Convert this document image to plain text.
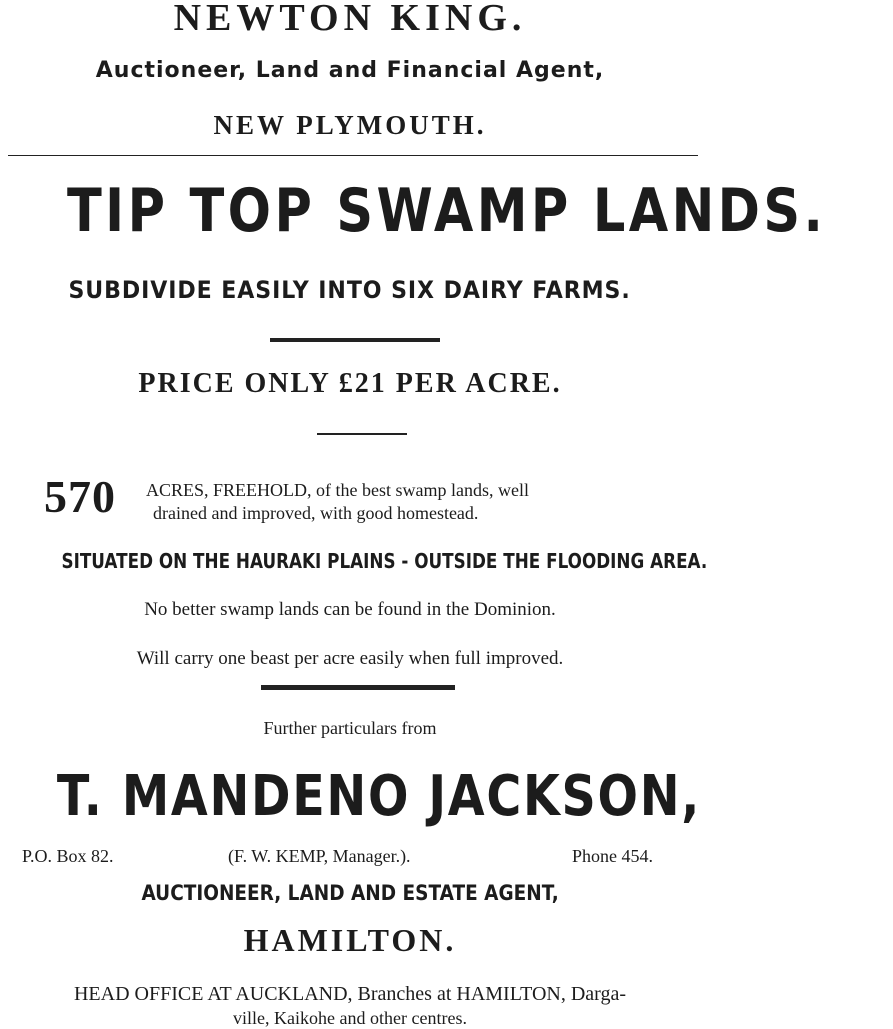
NEWTON KING.
Auctioneer, Land and Financial Agent,
NEW PLYMOUTH.
TIP TOP SWAMP LANDS.
SUBDIVIDE EASILY INTO SIX DAIRY FARMS.
PRICE ONLY £21 PER ACRE.
570 ACRES, FREEHOLD, of the best swamp lands, well
drained and improved, with good homestead.
SITUATED ON THE HAURAKI PLAINS - OUTSIDE THE FLOODING AREA.
No better swamp lands can be found in the Dominion.
Will carry one beast per acre easily when full improved.
Further particulars from
T. MANDENO JACKSON,
P.O. Box 82.	(F. W. KEMP, Manager.).	Phone 454.
AUCTIONEER, LAND AND ESTATE AGENT,
HAMILTON.
HEAD OFFICE AT AUCKLAND, Branches at HAMILTON, Darga-
ville, Kaikohe and other centres.
